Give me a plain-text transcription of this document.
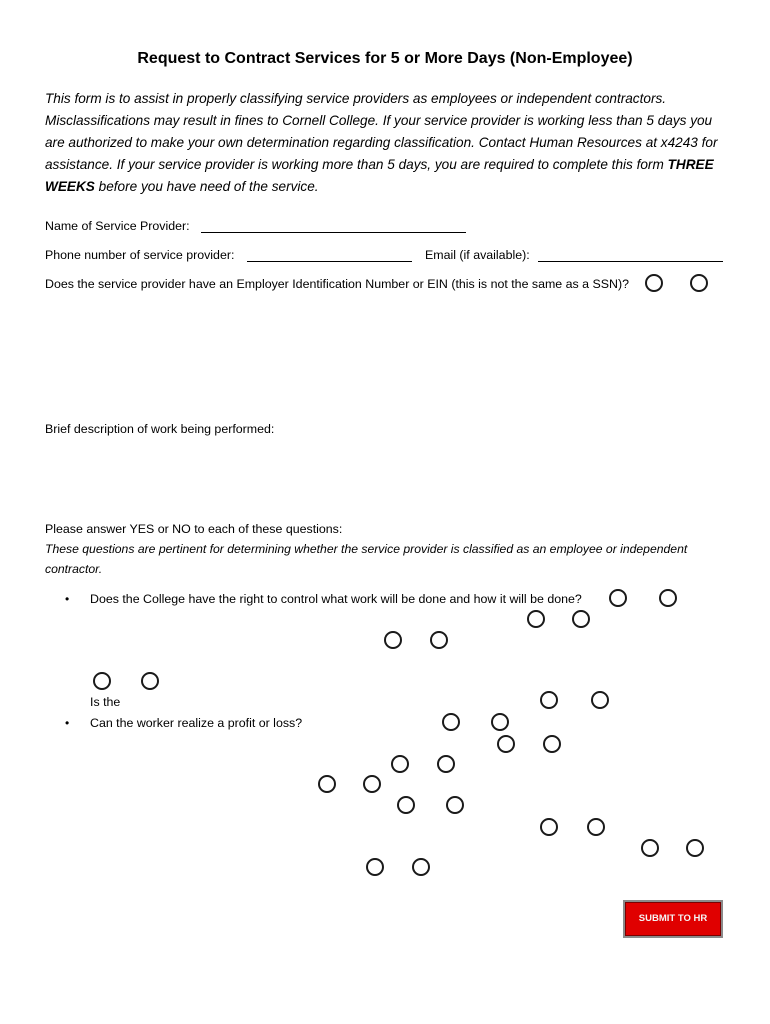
Request to Contract Services for 5 or More Days (Non-Employee)
This form is to assist in properly classifying service providers as employees or independent contractors. Misclassifications may result in fines to Cornell College. If your service provider is working less than 5 days you are authorized to make your own determination regarding classification. Contact Human Resources at x4243 for assistance. If your service provider is working more than 5 days, you are required to complete this form THREE WEEKS before you have need of the service.
Name of Service Provider:
Phone number of service provider:	Email (if available):
Does the service provider have an Employer Identification Number or EIN (this is not the same as a SSN)?
Brief description of work being performed:
Please answer YES or NO to each of these questions:
These questions are pertinent for determining whether the service provider is classified as an employee or independent contractor.
• Does the College have the right to control what work will be done and how it will be done?
Is the
• Can the worker realize a profit or loss?
SUBMIT TO HR
